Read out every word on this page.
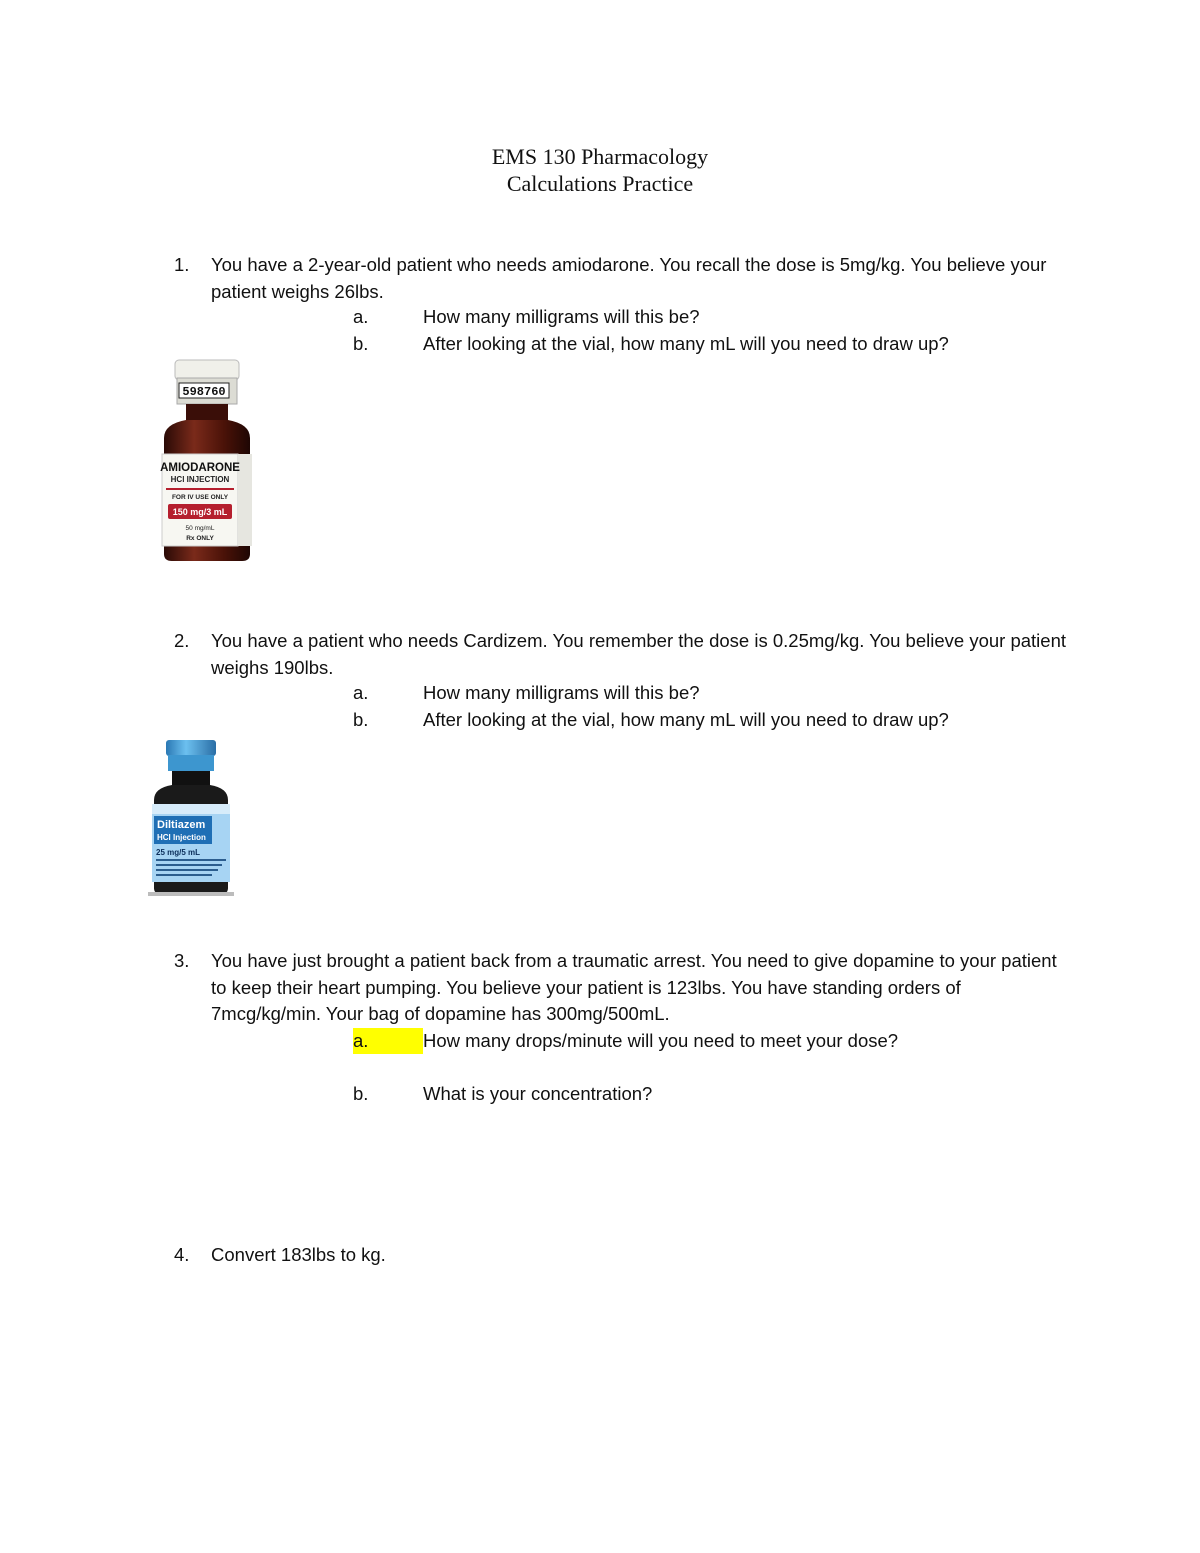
EMS 130 Pharmacology
Calculations Practice
1. You have a 2-year-old patient who needs amiodarone. You recall the dose is 5mg/kg. You believe your patient weighs 26lbs.
a.	How many milligrams will this be?
b.	After looking at the vial, how many mL will you need to draw up?
598760
AMIODARONE
HCl INJECTION
FOR IV USE ONLY
150 mg/3 mL
50 mg/mL
Rx ONLY
2. You have a patient who needs Cardizem. You remember the dose is 0.25mg/kg. You believe your patient weighs 190lbs.
a.	How many milligrams will this be?
b.	After looking at the vial, how many mL will you need to draw up?
Diltiazem
HCl Injection
25 mg/5 mL
3. You have just brought a patient back from a traumatic arrest. You need to give dopamine to your patient to keep their heart pumping. You believe your patient is 123lbs. You have standing orders of 7mcg/kg/min. Your bag of dopamine has 300mg/500mL.
a.	How many drops/minute will you need to meet your dose?
b.	What is your concentration?
4. Convert 183lbs to kg.
